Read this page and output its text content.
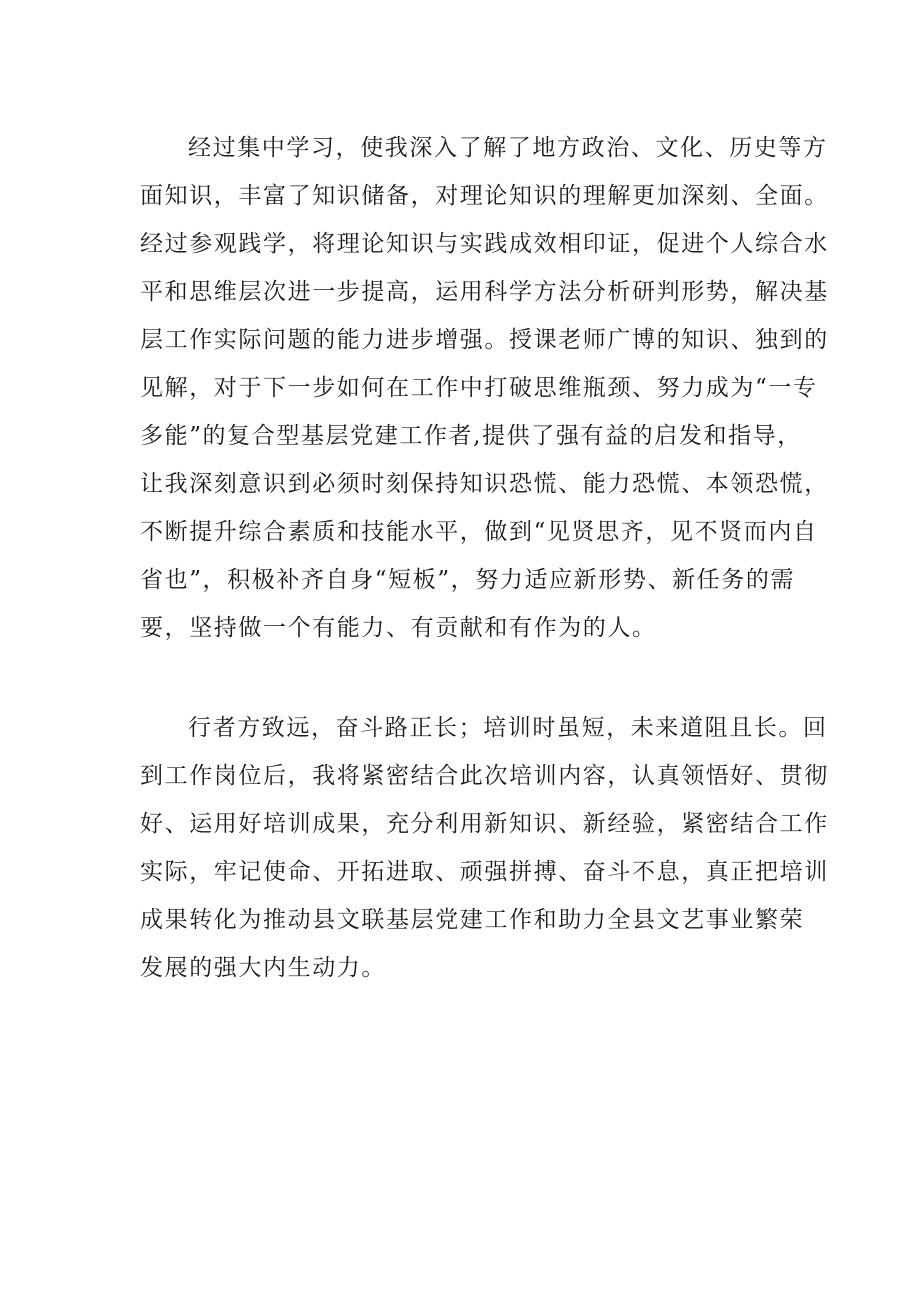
经过集中学习，使我深入了解了地方政治、文化、历史等方
面知识，丰富了知识储备，对理论知识的理解更加深刻、全面。
经过参观践学，将理论知识与实践成效相印证，促进个人综合水
平和思维层次进一步提高，运用科学方法分析研判形势，解决基
层工作实际问题的能力进步增强。授课老师广博的知识、独到的
见解，对于下一步如何在工作中打破思维瓶颈、努力成为“一专
多能”的复合型基层党建工作者,提供了强有益的启发和指导，
让我深刻意识到必须时刻保持知识恐慌、能力恐慌、本领恐慌，
不断提升综合素质和技能水平，做到“见贤思齐，见不贤而内自
省也”，积极补齐自身“短板”，努力适应新形势、新任务的需
要，坚持做一个有能力、有贡献和有作为的人。
行者方致远，奋斗路正长；培训时虽短，未来道阻且长。回
到工作岗位后，我将紧密结合此次培训内容，认真领悟好、贯彻
好、运用好培训成果，充分利用新知识、新经验，紧密结合工作
实际，牢记使命、开拓进取、顽强拼搏、奋斗不息，真正把培训
成果转化为推动县文联基层党建工作和助力全县文艺事业繁荣
发展的强大内生动力。
